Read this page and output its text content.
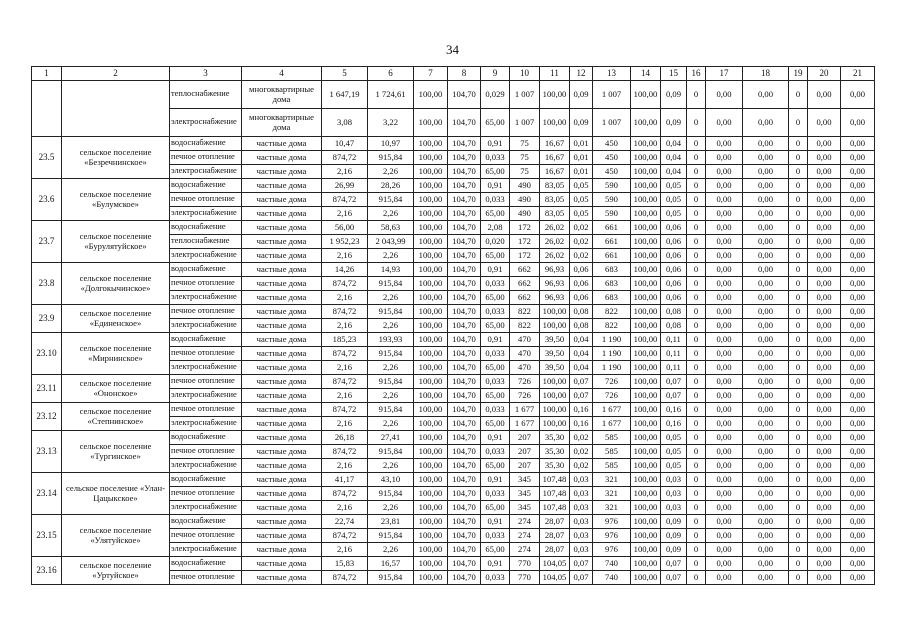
34
1	2	3	4	5	6	7	8	9	10	11	12	13	14	15	16	17	18	19	20	21
		теплоснабжение	многоквартирные дома	1 647,19	1 724,61	100,00	104,70	0,029	1 007	100,00	0,09	1 007	100,00	0,09	0	0,00	0,00	0	0,00	0,00
		электроснабжение	многоквартирные дома	3,08	3,22	100,00	104,70	65,00	1 007	100,00	0,09	1 007	100,00	0,09	0	0,00	0,00	0	0,00	0,00
23.5	сельское поселение «Безречнинское»	водоснабжение	частные дома	10,47	10,97	100,00	104,70	0,91	75	16,67	0,01	450	100,00	0,04	0	0,00	0,00	0	0,00	0,00
		печное отопление	частные дома	874,72	915,84	100,00	104,70	0,033	75	16,67	0,01	450	100,00	0,04	0	0,00	0,00	0	0,00	0,00
		электроснабжение	частные дома	2,16	2,26	100,00	104,70	65,00	75	16,67	0,01	450	100,00	0,04	0	0,00	0,00	0	0,00	0,00
23.6	сельское поселение «Булумское»	водоснабжение	частные дома	26,99	28,26	100,00	104,70	0,91	490	83,05	0,05	590	100,00	0,05	0	0,00	0,00	0	0,00	0,00
		печное отопление	частные дома	874,72	915,84	100,00	104,70	0,033	490	83,05	0,05	590	100,00	0,05	0	0,00	0,00	0	0,00	0,00
		электроснабжение	частные дома	2,16	2,26	100,00	104,70	65,00	490	83,05	0,05	590	100,00	0,05	0	0,00	0,00	0	0,00	0,00
23.7	сельское поселение «Бурулятуйское»	водоснабжение	частные дома	56,00	58,63	100,00	104,70	2,08	172	26,02	0,02	661	100,00	0,06	0	0,00	0,00	0	0,00	0,00
		теплоснабжение	частные дома	1 952,23	2 043,99	100,00	104,70	0,020	172	26,02	0,02	661	100,00	0,06	0	0,00	0,00	0	0,00	0,00
		электроснабжение	частные дома	2,16	2,26	100,00	104,70	65,00	172	26,02	0,02	661	100,00	0,06	0	0,00	0,00	0	0,00	0,00
23.8	сельское поселение «Долгокычинское»	водоснабжение	частные дома	14,26	14,93	100,00	104,70	0,91	662	96,93	0,06	683	100,00	0,06	0	0,00	0,00	0	0,00	0,00
		печное отопление	частные дома	874,72	915,84	100,00	104,70	0,033	662	96,93	0,06	683	100,00	0,06	0	0,00	0,00	0	0,00	0,00
		электроснабжение	частные дома	2,16	2,26	100,00	104,70	65,00	662	96,93	0,06	683	100,00	0,06	0	0,00	0,00	0	0,00	0,00
23.9	сельское поселение «Единенское»	печное отопление	частные дома	874,72	915,84	100,00	104,70	0,033	822	100,00	0,08	822	100,00	0,08	0	0,00	0,00	0	0,00	0,00
		электроснабжение	частные дома	2,16	2,26	100,00	104,70	65,00	822	100,00	0,08	822	100,00	0,08	0	0,00	0,00	0	0,00	0,00
23.10	сельское поселение «Мирнинское»	водоснабжение	частные дома	185,23	193,93	100,00	104,70	0,91	470	39,50	0,04	1 190	100,00	0,11	0	0,00	0,00	0	0,00	0,00
		печное отопление	частные дома	874,72	915,84	100,00	104,70	0,033	470	39,50	0,04	1 190	100,00	0,11	0	0,00	0,00	0	0,00	0,00
		электроснабжение	частные дома	2,16	2,26	100,00	104,70	65,00	470	39,50	0,04	1 190	100,00	0,11	0	0,00	0,00	0	0,00	0,00
23.11	сельское поселение «Ононское»	печное отопление	частные дома	874,72	915,84	100,00	104,70	0,033	726	100,00	0,07	726	100,00	0,07	0	0,00	0,00	0	0,00	0,00
		электроснабжение	частные дома	2,16	2,26	100,00	104,70	65,00	726	100,00	0,07	726	100,00	0,07	0	0,00	0,00	0	0,00	0,00
23.12	сельское поселение «Степнинское»	печное отопление	частные дома	874,72	915,84	100,00	104,70	0,033	1 677	100,00	0,16	1 677	100,00	0,16	0	0,00	0,00	0	0,00	0,00
		электроснабжение	частные дома	2,16	2,26	100,00	104,70	65,00	1 677	100,00	0,16	1 677	100,00	0,16	0	0,00	0,00	0	0,00	0,00
23.13	сельское поселение «Тургинское»	водоснабжение	частные дома	26,18	27,41	100,00	104,70	0,91	207	35,30	0,02	585	100,00	0,05	0	0,00	0,00	0	0,00	0,00
		печное отопление	частные дома	874,72	915,84	100,00	104,70	0,033	207	35,30	0,02	585	100,00	0,05	0	0,00	0,00	0	0,00	0,00
		электроснабжение	частные дома	2,16	2,26	100,00	104,70	65,00	207	35,30	0,02	585	100,00	0,05	0	0,00	0,00	0	0,00	0,00
23.14	сельское поселение «Улан-Цацыкское»	водоснабжение	частные дома	41,17	43,10	100,00	104,70	0,91	345	107,48	0,03	321	100,00	0,03	0	0,00	0,00	0	0,00	0,00
		печное отопление	частные дома	874,72	915,84	100,00	104,70	0,033	345	107,48	0,03	321	100,00	0,03	0	0,00	0,00	0	0,00	0,00
		электроснабжение	частные дома	2,16	2,26	100,00	104,70	65,00	345	107,48	0,03	321	100,00	0,03	0	0,00	0,00	0	0,00	0,00
23.15	сельское поселение «Улятуйское»	водоснабжение	частные дома	22,74	23,81	100,00	104,70	0,91	274	28,07	0,03	976	100,00	0,09	0	0,00	0,00	0	0,00	0,00
		печное отопление	частные дома	874,72	915,84	100,00	104,70	0,033	274	28,07	0,03	976	100,00	0,09	0	0,00	0,00	0	0,00	0,00
		электроснабжение	частные дома	2,16	2,26	100,00	104,70	65,00	274	28,07	0,03	976	100,00	0,09	0	0,00	0,00	0	0,00	0,00
23.16	сельское поселение «Уртуйское»	водоснабжение	частные дома	15,83	16,57	100,00	104,70	0,91	770	104,05	0,07	740	100,00	0,07	0	0,00	0,00	0	0,00	0,00
		печное отопление	частные дома	874,72	915,84	100,00	104,70	0,033	770	104,05	0,07	740	100,00	0,07	0	0,00	0,00	0	0,00	0,00
